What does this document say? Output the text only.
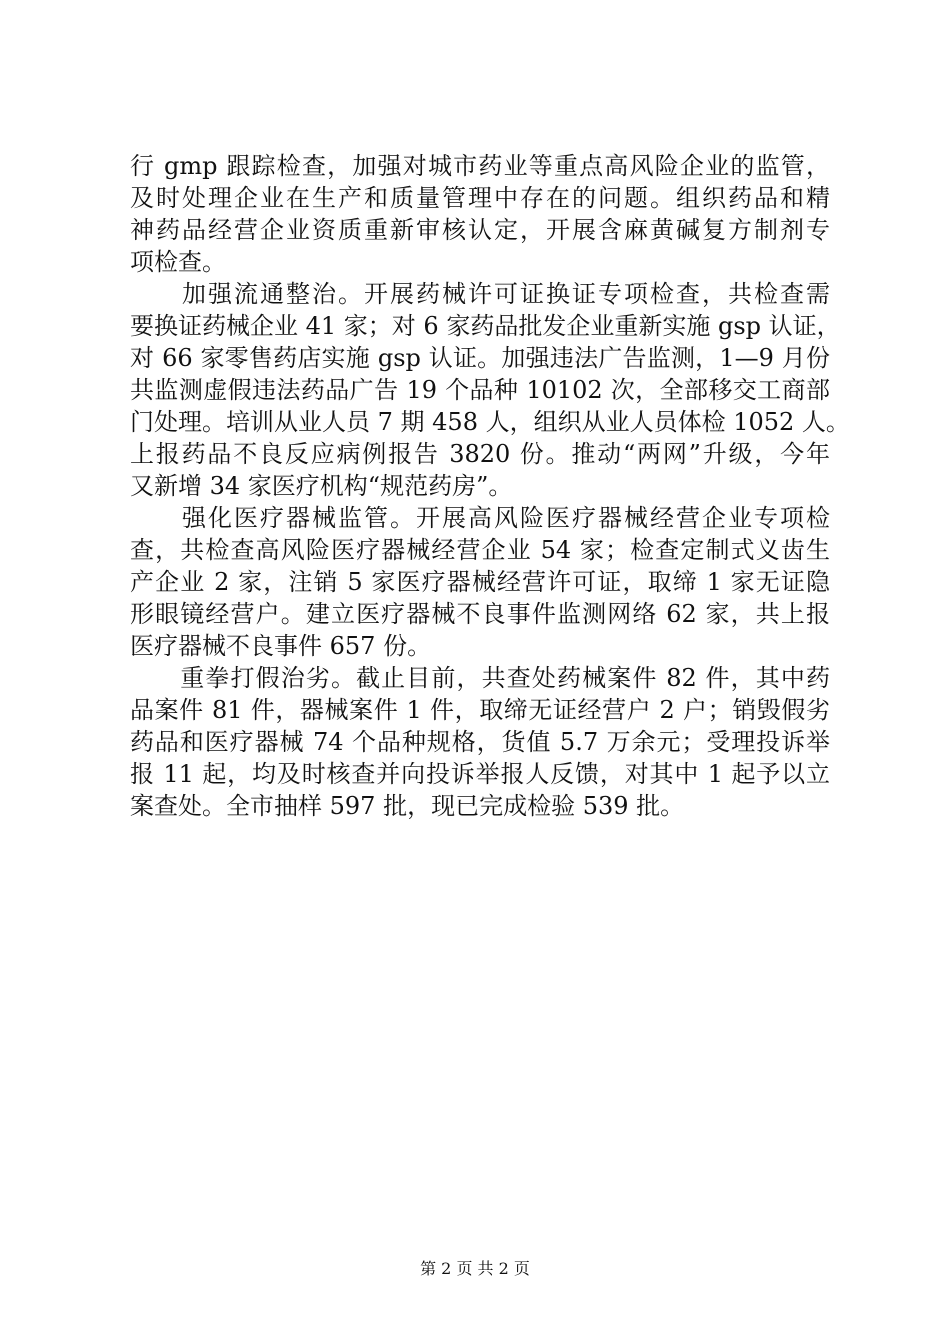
行 gmp 跟踪检查，加强对城市药业等重点高风险企业的监管，

及时处理企业在生产和质量管理中存在的问题。组织药品和精

神药品经营企业资质重新审核认定，开展含麻黄碱复方制剂专

项检查。

　　加强流通整治。开展药械许可证换证专项检查，共检查需

要换证药械企业 41 家；对 6 家药品批发企业重新实施 gsp 认证，

对 66 家零售药店实施 gsp 认证。加强违法广告监测，1—9 月份

共监测虚假违法药品广告 19 个品种 10102 次，全部移交工商部

门处理。培训从业人员 7 期 458 人，组织从业人员体检 1052 人。

上报药品不良反应病例报告 3820 份。推动“两网”升级，今年

又新增 34 家医疗机构“规范药房”。

　　强化医疗器械监管。开展高风险医疗器械经营企业专项检

查，共检查高风险医疗器械经营企业 54 家；检查定制式义齿生

产企业 2 家，注销 5 家医疗器械经营许可证，取缔 1 家无证隐

形眼镜经营户。建立医疗器械不良事件监测网络 62 家，共上报

医疗器械不良事件 657 份。

　　重拳打假治劣。截止目前，共查处药械案件 82 件，其中药

品案件 81 件，器械案件 1 件，取缔无证经营户 2 户；销毁假劣

药品和医疗器械 74 个品种规格，货值 5.7 万余元；受理投诉举

报 11 起，均及时核查并向投诉举报人反馈，对其中 1 起予以立

案查处。全市抽样 597 批，现已完成检验 539 批。

第 2 页 共 2 页
